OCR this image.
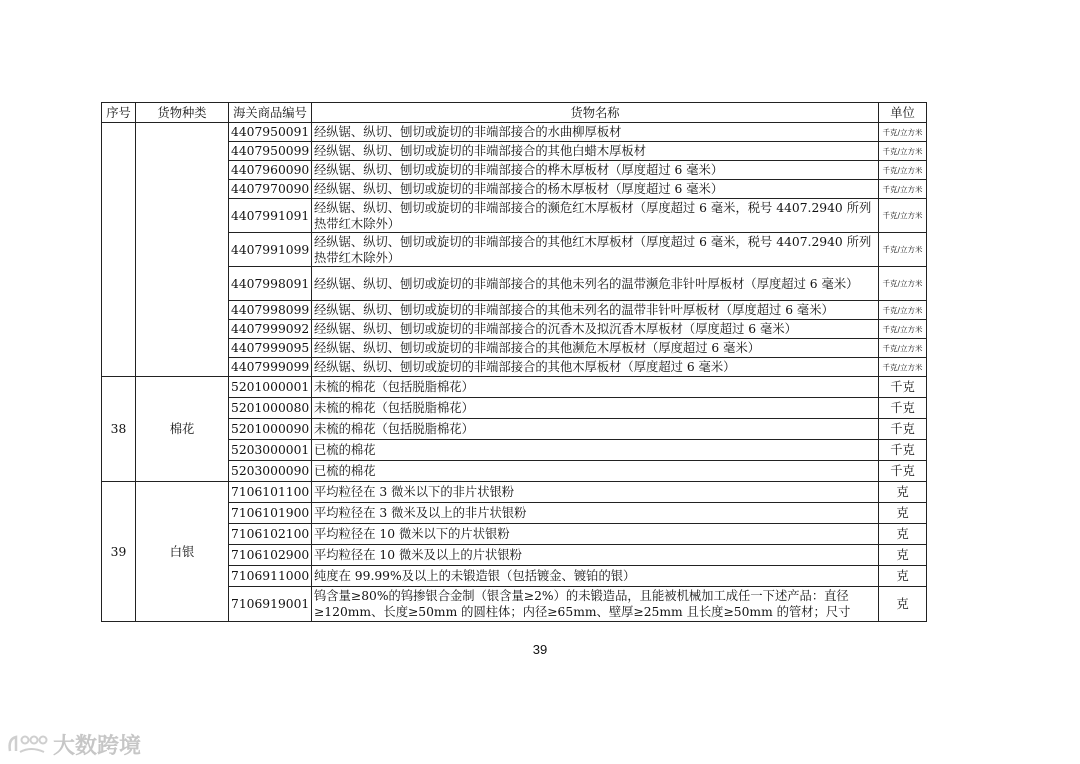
序号	货物种类	海关商品编号	货物名称	单位
		4407950091	经纵锯、纵切、刨切或旋切的非端部接合的水曲柳厚板材	千克/立方米
		4407950099	经纵锯、纵切、刨切或旋切的非端部接合的其他白蜡木厚板材	千克/立方米
		4407960090	经纵锯、纵切、刨切或旋切的非端部接合的桦木厚板材（厚度超过 6 毫米）	千克/立方米
		4407970090	经纵锯、纵切、刨切或旋切的非端部接合的杨木厚板材（厚度超过 6 毫米）	千克/立方米
		4407991091	经纵锯、纵切、刨切或旋切的非端部接合的濒危红木厚板材（厚度超过 6 毫米，税号 4407.2940 所列热带红木除外）	千克/立方米
		4407991099	经纵锯、纵切、刨切或旋切的非端部接合的其他红木厚板材（厚度超过 6 毫米，税号 4407.2940 所列热带红木除外）	千克/立方米
		4407998091	经纵锯、纵切、刨切或旋切的非端部接合的其他未列名的温带濒危非针叶厚板材（厚度超过 6 毫米）	千克/立方米
		4407998099	经纵锯、纵切、刨切或旋切的非端部接合的其他未列名的温带非针叶厚板材（厚度超过 6 毫米）	千克/立方米
		4407999092	经纵锯、纵切、刨切或旋切的非端部接合的沉香木及拟沉香木厚板材（厚度超过 6 毫米）	千克/立方米
		4407999095	经纵锯、纵切、刨切或旋切的非端部接合的其他濒危木厚板材（厚度超过 6 毫米）	千克/立方米
		4407999099	经纵锯、纵切、刨切或旋切的非端部接合的其他木厚板材（厚度超过 6 毫米）	千克/立方米
38	棉花	5201000001	未梳的棉花（包括脱脂棉花）	千克
		5201000080	未梳的棉花（包括脱脂棉花）	千克
		5201000090	未梳的棉花（包括脱脂棉花）	千克
		5203000001	已梳的棉花	千克
		5203000090	已梳的棉花	千克
39	白银	7106101100	平均粒径在 3 微米以下的非片状银粉	克
		7106101900	平均粒径在 3 微米及以上的非片状银粉	克
		7106102100	平均粒径在 10 微米以下的片状银粉	克
		7106102900	平均粒径在 10 微米及以上的片状银粉	克
		7106911000	纯度在 99.99%及以上的未锻造银（包括镀金、镀铂的银）	克
		7106919001	钨含量≥80%的钨掺银合金制（银含量≥2%）的未锻造品，且能被机械加工成任一下述产品：直径≥120mm、长度≥50mm 的圆柱体；内径≥65mm、壁厚≥25mm 且长度≥50mm 的管材；尺寸	克
39
大数跨境
